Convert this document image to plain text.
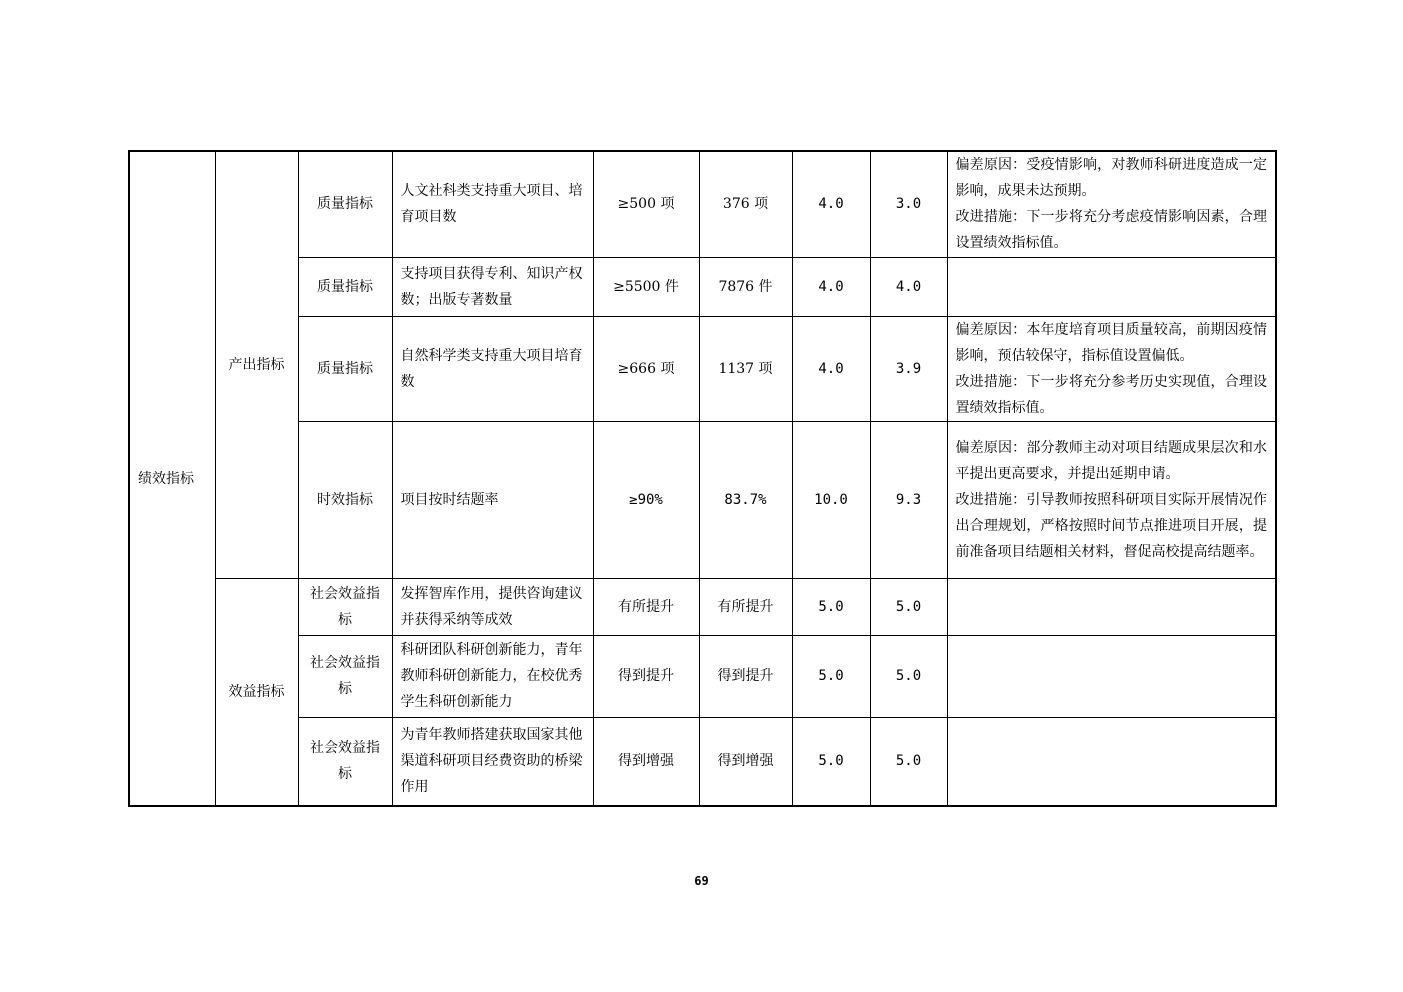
绩效指标	产出指标	质量指标	人文社科类支持重大项目、培育项目数	≥500 项	376 项	4.0	3.0	偏差原因：受疫情影响，对教师科研进度造成一定影响，成果未达预期。
改进措施：下一步将充分考虑疫情影响因素，合理设置绩效指标值。

		质量指标	支持项目获得专利、知识产权数；出版专著数量	≥5500 件	7876 件	4.0	4.0	
		质量指标	自然科学类支持重大项目培育数	≥666 项	1137 项	4.0	3.9	偏差原因：本年度培育项目质量较高，前期因疫情影响，预估较保守，指标值设置偏低。
改进措施：下一步将充分参考历史实现值，合理设置绩效指标值。

		时效指标	项目按时结题率	≥90%	83.7%	10.0	9.3	偏差原因：部分教师主动对项目结题成果层次和水平提出更高要求，并提出延期申请。
改进措施：引导教师按照科研项目实际开展情况作出合理规划，严格按照时间节点推进项目开展，提前准备项目结题相关材料，督促高校提高结题率。

	效益指标	社会效益指标	发挥智库作用，提供咨询建议并获得采纳等成效	有所提升	有所提升	5.0	5.0	
		社会效益指标	科研团队科研创新能力，青年教师科研创新能力，在校优秀学生科研创新能力	得到提升	得到提升	5.0	5.0	
		社会效益指标	为青年教师搭建获取国家其他渠道科研项目经费资助的桥梁作用	得到增强	得到增强	5.0	5.0	
69
